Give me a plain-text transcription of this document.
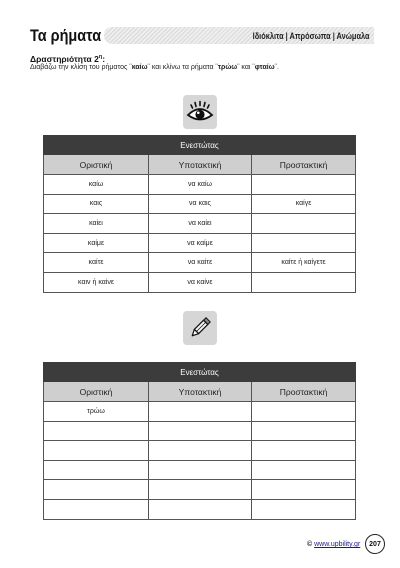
Τα ρήματα	Ιδιόκλιτα | Απρόσωπα | Ανώμαλα
Δραστηριότητα $2^\eta$:
Διαβάζω την κλίση του ρήματος ¨καίω¨ και κλίνω τα ρήματα ¨τρώω¨ και ¨φταίω¨.
Ενεστώτας		
Οριστική	Υποτακτική	Προστακτική
καίω	να καίω	
καις	να καις	καίγε
καίει	να καίει	
καίμε	να καίμε	
καίτε	να καίτε	καίτε ή καίγετε
καιν ή καίνε	να καίνε	
Ενεστώτας		
Οριστική	Υποτακτική	Προστακτική
τρώω		

© www.upbility.gr	207
